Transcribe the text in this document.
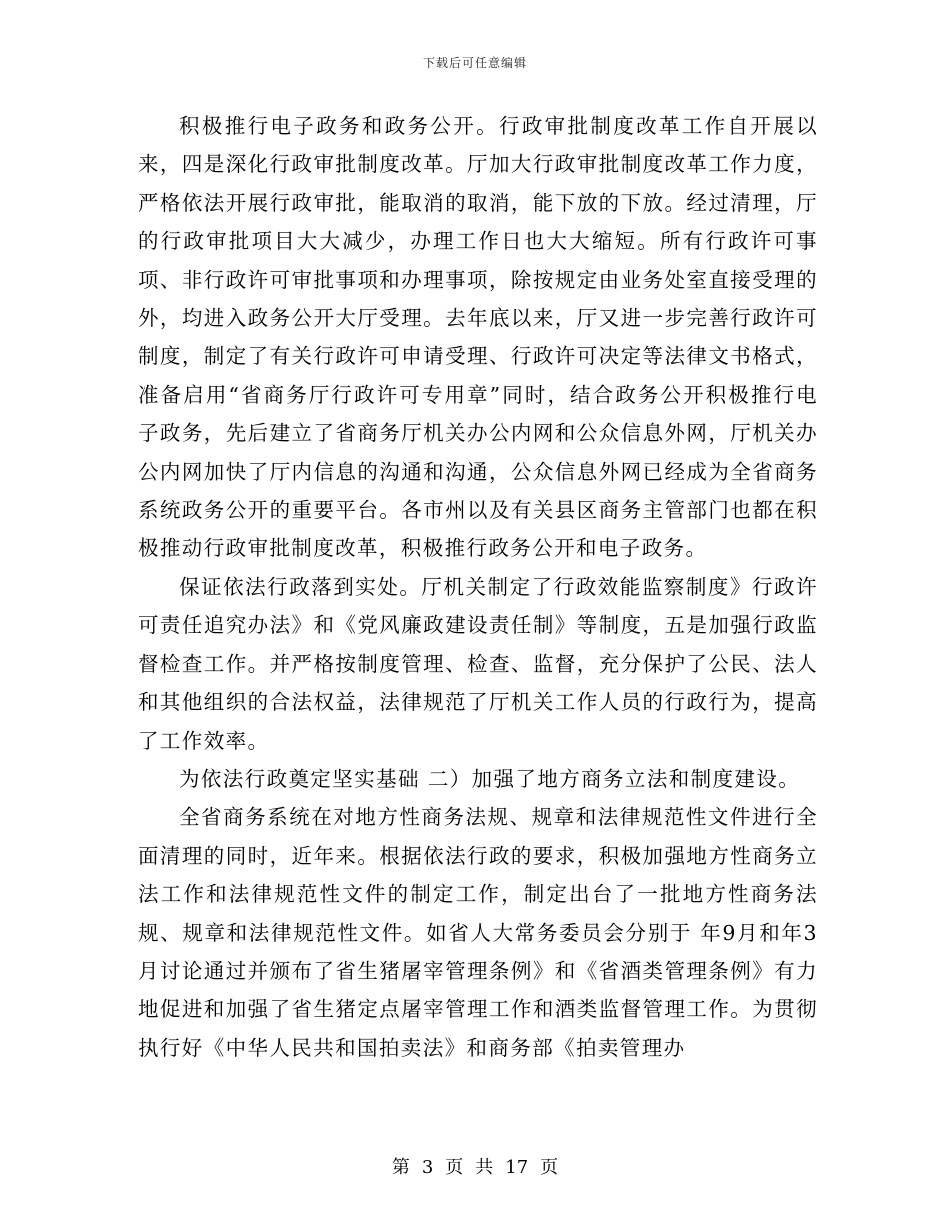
下载后可任意编辑

积极推行电子政务和政务公开。行政审批制度改革工作自开展以来，四是深化行政审批制度改革。厅加大行政审批制度改革工作力度，严格依法开展行政审批，能取消的取消，能下放的下放。经过清理，厅的行政审批项目大大减少，办理工作日也大大缩短。所有行政许可事项、非行政许可审批事项和办理事项，除按规定由业务处室直接受理的外，均进入政务公开大厅受理。去年底以来，厅又进一步完善行政许可制度，制定了有关行政许可申请受理、行政许可决定等法律文书格式，准备启用“省商务厅行政许可专用章”同时，结合政务公开积极推行电子政务，先后建立了省商务厅机关办公内网和公众信息外网，厅机关办公内网加快了厅内信息的沟通和沟通，公众信息外网已经成为全省商务系统政务公开的重要平台。各市州以及有关县区商务主管部门也都在积极推动行政审批制度改革，积极推行政务公开和电子政务。

保证依法行政落到实处。厅机关制定了行政效能监察制度》行政许可责任追究办法》和《党风廉政建设责任制》等制度，五是加强行政监督检查工作。并严格按制度管理、检查、监督，充分保护了公民、法人和其他组织的合法权益，法律规范了厅机关工作人员的行政行为，提高了工作效率。

为依法行政奠定坚实基础 二）加强了地方商务立法和制度建设。

全省商务系统在对地方性商务法规、规章和法律规范性文件进行全面清理的同时，近年来。根据依法行政的要求，积极加强地方性商务立法工作和法律规范性文件的制定工作，制定出台了一批地方性商务法规、规章和法律规范性文件。如省人大常务委员会分别于 年9月和年3月讨论通过并颁布了省生猪屠宰管理条例》和《省酒类管理条例》有力地促进和加强了省生猪定点屠宰管理工作和酒类监督管理工作。为贯彻执行好《中华人民共和国拍卖法》和商务部《拍卖管理办

第 3 页 共 17 页
